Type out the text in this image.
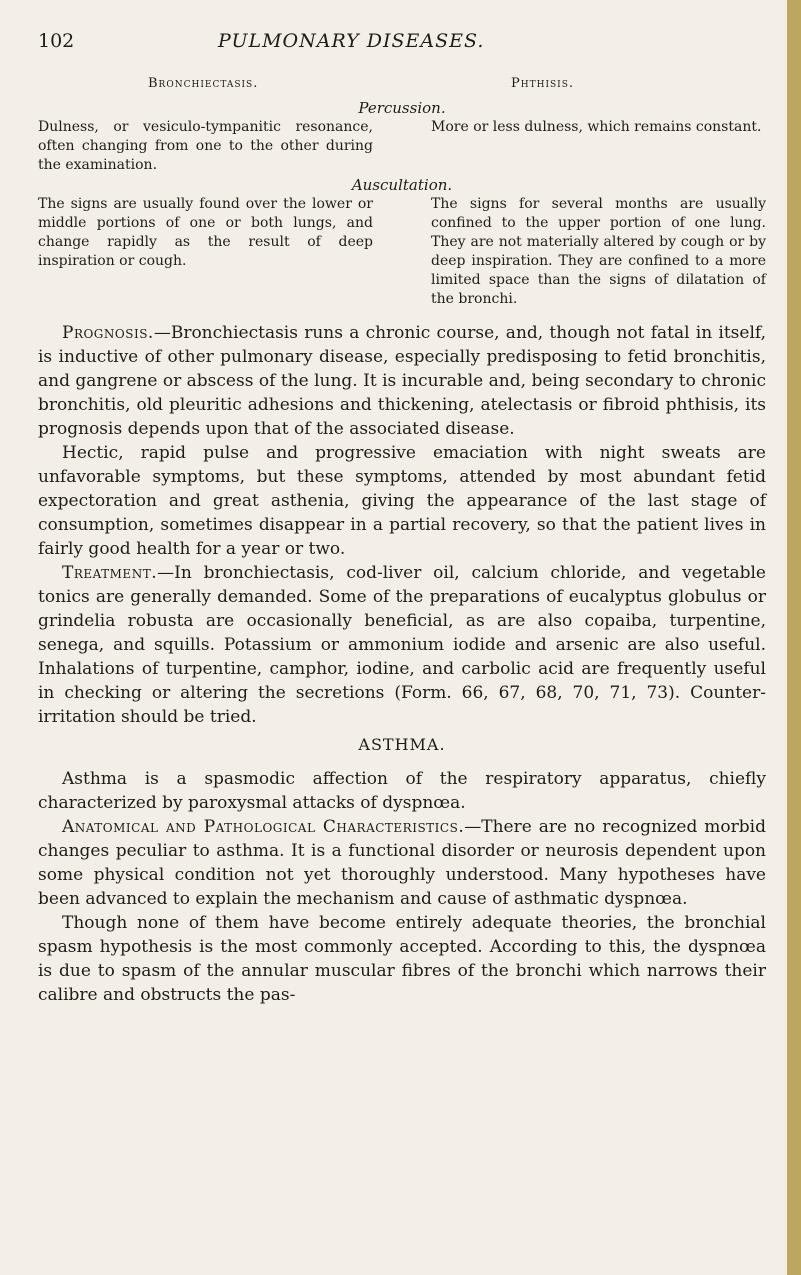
102	PULMONARY DISEASES.
Bronchiectasis.	Phthisis.
Percussion.
Dulness, or vesiculo-tympanitic resonance, often changing from one to the other during the examination.
More or less dulness, which remains constant.
Auscultation.
The signs are usually found over the lower or middle portions of one or both lungs, and change rapidly as the result of deep inspiration or cough.
The signs for several months are usually confined to the upper portion of one lung. They are not materially altered by cough or by deep inspiration. They are confined to a more limited space than the signs of dilatation of the bronchi.

Prognosis.—Bronchiectasis runs a chronic course, and, though not fatal in itself, is inductive of other pulmonary disease, especially predisposing to fetid bronchitis, and gangrene or abscess of the lung. It is incurable and, being secondary to chronic bronchitis, old pleuritic adhesions and thickening, atelectasis or fibroid phthisis, its prognosis depends upon that of the associated disease.

Hectic, rapid pulse and progressive emaciation with night sweats are unfavorable symptoms, but these symptoms, attended by most abundant fetid expectoration and great asthenia, giving the appearance of the last stage of consumption, sometimes disappear in a partial recovery, so that the patient lives in fairly good health for a year or two.

Treatment.—In bronchiectasis, cod-liver oil, calcium chloride, and vegetable tonics are generally demanded. Some of the preparations of eucalyptus globulus or grindelia robusta are occasionally beneficial, as are also copaiba, turpentine, senega, and squills. Potassium or ammonium iodide and arsenic are also useful. Inhalations of turpentine, camphor, iodine, and carbolic acid are frequently useful in checking or altering the secretions (Form. 66, 67, 68, 70, 71, 73). Counter-irritation should be tried.

ASTHMA.

Asthma is a spasmodic affection of the respiratory apparatus, chiefly characterized by paroxysmal attacks of dyspnœa.

Anatomical and Pathological Characteristics.—There are no recognized morbid changes peculiar to asthma. It is a functional disorder or neurosis dependent upon some physical condition not yet thoroughly understood. Many hypotheses have been advanced to explain the mechanism and cause of asthmatic dyspnœa.

Though none of them have become entirely adequate theories, the bronchial spasm hypothesis is the most commonly accepted. According to this, the dyspnœa is due to spasm of the annular muscular fibres of the bronchi which narrows their calibre and obstructs the pas-
